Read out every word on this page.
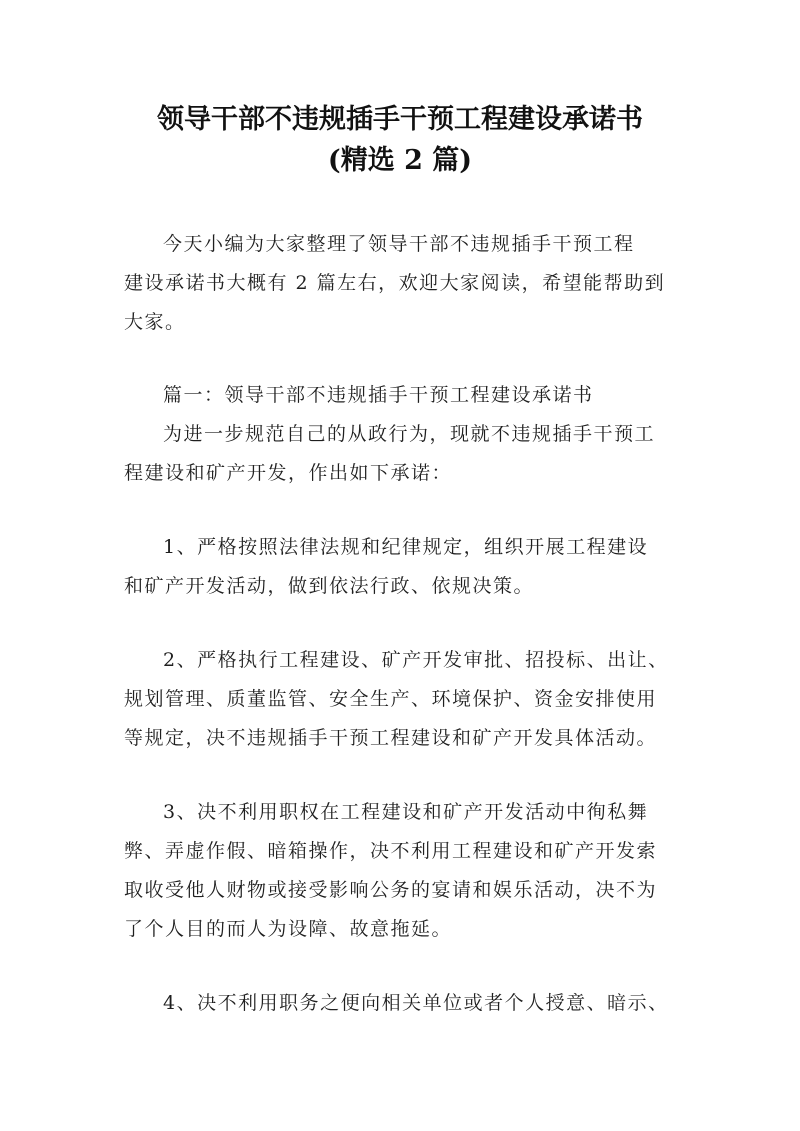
领导干部不违规插手干预工程建设承诺书
(精选 2 篇)
今天小编为大家整理了领导干部不违规插手干预工程
建设承诺书大概有 2 篇左右，欢迎大家阅读，希望能帮助到
大家。
篇一：领导干部不违规插手干预工程建设承诺书
为进一步规范自己的从政行为，现就不违规插手干预工
程建设和矿产开发，作出如下承诺：
1、严格按照法律法规和纪律规定，组织开展工程建设
和矿产开发活动，做到依法行政、依规决策。
2、严格执行工程建设、矿产开发审批、招投标、出让、
规划管理、质董监管、安全生产、环境保护、资金安排使用
等规定，决不违规插手干预工程建设和矿产开发具体活动。
3、决不利用职权在工程建设和矿产开发活动中徇私舞
弊、弄虚作假、暗箱操作，决不利用工程建设和矿产开发索
取收受他人财物或接受影响公务的宴请和娱乐活动，决不为
了个人目的而人为设障、故意拖延。
4、决不利用职务之便向相关单位或者个人授意、暗示、
